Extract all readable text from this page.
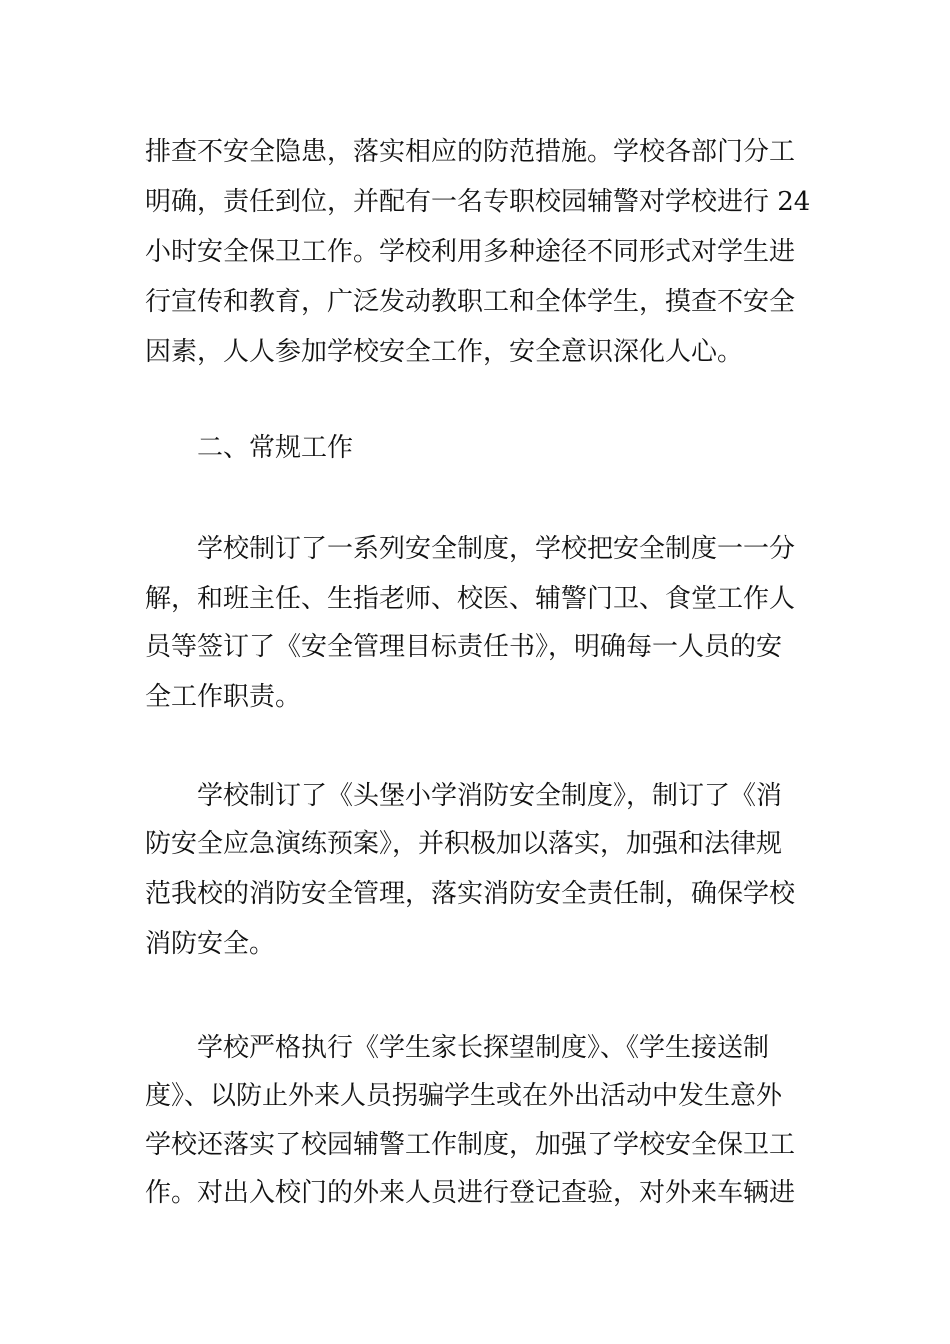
排查不安全隐患，落实相应的防范措施。学校各部门分工
明确，责任到位，并配有一名专职校园辅警对学校进行 24
小时安全保卫工作。学校利用多种途径不同形式对学生进
行宣传和教育，广泛发动教职工和全体学生，摸查不安全
因素，人人参加学校安全工作，安全意识深化人心。
二、常规工作
学校制订了一系列安全制度，学校把安全制度一一分
解，和班主任、生指老师、校医、辅警门卫、食堂工作人
员等签订了《安全管理目标责任书》，明确每一人员的安
全工作职责。
学校制订了《头堡小学消防安全制度》，制订了《消
防安全应急演练预案》，并积极加以落实，加强和法律规
范我校的消防安全管理，落实消防安全责任制，确保学校
消防安全。
学校严格执行《学生家长探望制度》、《学生接送制
度》、以防止外来人员拐骗学生或在外出活动中发生意外
学校还落实了校园辅警工作制度，加强了学校安全保卫工
作。对出入校门的外来人员进行登记查验，对外来车辆进
